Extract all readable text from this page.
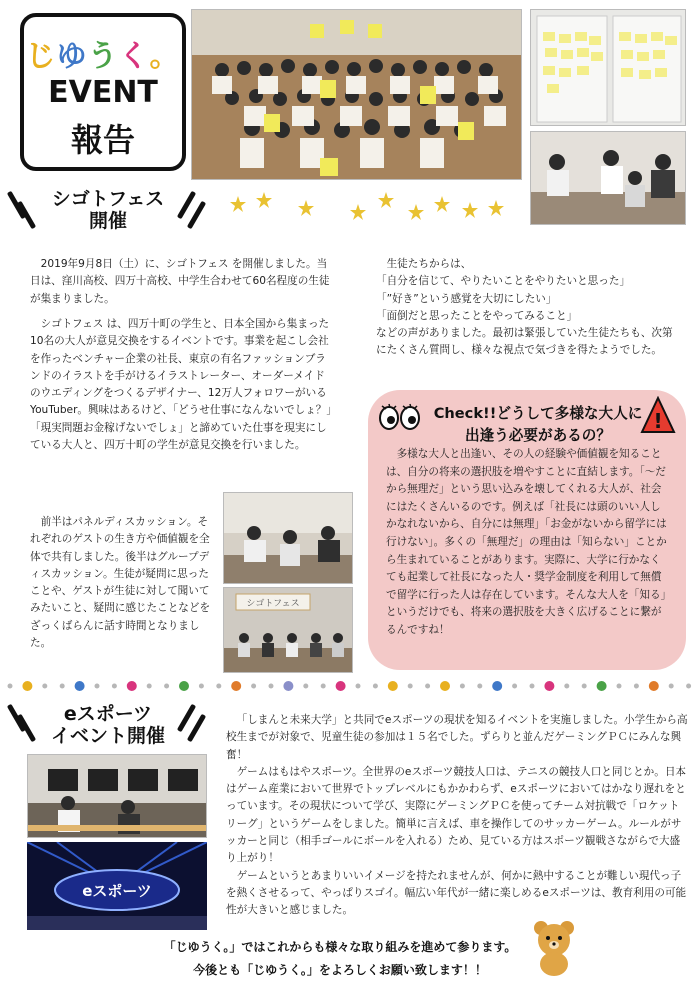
じゆうく。
EVENT
報告
シゴトフェス
開催
2019年9月8日（土）に、シゴトフェス を開催しました。当日は、窪川高校、四万十高校、中学生合わせて60名程度の生徒が集まりました。
シゴトフェス は、四万十町の学生と、日本全国から集まった10名の大人が意見交換をするイベントです。事業を起こし会社を作ったベンチャー企業の社長、東京の有名ファッションブランドのイラストを手がけるイラストレーター、オーダーメイドのウエディングをつくるデザイナー、12万人フォロワーがいるYouTuber。興味はあるけど、「どうせ仕事になんないでしょ？」「現実問題お金稼げないでしょ」と諦めていた仕事を現実にしている大人と、四万十町の学生が意見交換を行いました。
生徒たちからは、
「自分を信じて、やりたいことをやりたいと思った」
「”好き”という感覚を大切にしたい」
「面倒だと思ったことをやってみること」
などの声がありました。最初は緊張していた生徒たちも、次第にたくさん質問し、様々な視点で気づきを得たようでした。
前半はパネルディスカッション。それぞれのゲストの生き方や価値観を全体で共有しました。後半はグループディスカッション。生徒が疑問に思ったことや、ゲストが生徒に対して聞いてみたいこと、疑問に感じたことなどをざっくばらんに話す時間となりました。
シゴトフェス
Check!!どうして多様な大人に
出逢う必要があるの？
!
多様な大人と出逢い、その人の経験や価値観を知ることは、自分の将来の選択肢を増やすことに直結します。「〜だから無理だ」という思い込みを壊してくれる大人が、社会にはたくさんいるのです。例えば「社長には頭のいい人しかなれないから、自分には無理」「お金がないから留学には行けない」。多くの「無理だ」の理由は「知らない」ことから生まれていることがあります。実際に、大学に行かなくても起業して社長になった人・奨学金制度を利用して無償で留学に行った人は存在しています。そんな大人を「知る」というだけでも、将来の選択肢を大きく広げることに繋がるんですね！
eスポーツ
イベント開催
eスポーツ
「しまんと未来大学」と共同でeスポーツの現状を知るイベントを実施しました。小学生から高校生までが対象で、児童生徒の参加は１５名でした。ずらりと並んだゲーミングＰＣにみんな興奮！
ゲームはもはやスポーツ。全世界のeスポーツ競技人口は、テニスの競技人口と同じとか。日本はゲーム産業において世界でトップレベルにもかかわらず、eスポーツにおいてはかなり遅れをとっています。その現状について学び、実際にゲーミングＰＣを使ってチーム対抗戦で「ロケットリーグ」というゲームをしました。簡単に言えば、車を操作してのサッカーゲーム。ルールがサッカーと同じ（相手ゴールにボールを入れる）ため、見ている方はスポーツ観戦さながらで大盛り上がり！
ゲームというとあまりいいイメージを持たれませんが、何かに熱中することが難しい現代っ子を熱くさせるって、やっぱりスゴイ。幅広い年代が一緒に楽しめるeスポーツは、教育利用の可能性が大きいと感じました。
「じゆうく。」ではこれからも様々な取り組みを進めて参ります。
今後とも「じゆうく。」をよろしくお願い致します！！
